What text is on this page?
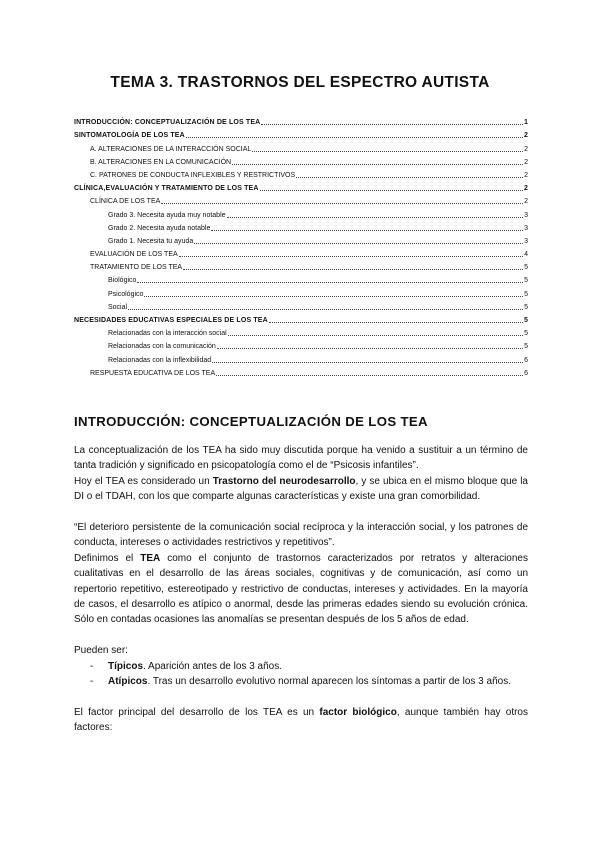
TEMA 3. TRASTORNOS DEL ESPECTRO AUTISTA
INTRODUCCIÓN: CONCEPTUALIZACIÓN DE LOS TEA	1
SINTOMATOLOGÍA DE LOS TEA	2
A. ALTERACIONES DE LA INTERACCIÓN SOCIAL	2
B. ALTERACIONES EN LA COMUNICACIÓN	2
C. PATRONES DE CONDUCTA INFLEXIBLES Y RESTRICTIVOS	2
CLÍNICA,EVALUACIÓN Y TRATAMIENTO DE LOS TEA	2
CLÍNICA DE LOS TEA	2
Grado 3. Necesita ayuda muy notable	3
Grado 2. Necesita ayuda notable	3
Grado 1. Necesita tu ayuda	3
EVALUACIÓN DE LOS TEA	4
TRATAMIENTO DE LOS TEA	5
Biológico	5
Psicológico	5
Social	5
NECESIDADES EDUCATIVAS ESPECIALES DE LOS TEA	5
Relacionadas con la interacción social	5
Relacionadas con la comunicación	5
Relacionadas con la inflexibilidad	6
RESPUESTA EDUCATIVA DE LOS TEA	6
INTRODUCCIÓN: CONCEPTUALIZACIÓN DE LOS TEA

La conceptualización de los TEA ha sido muy discutida porque ha venido a sustituir a un término de tanta tradición y significado en psicopatología como el de “Psicosis infantiles”.

Hoy el TEA es considerado un Trastorno del neurodesarrollo, y se ubica en el mismo bloque que la DI o el TDAH, con los que comparte algunas características y existe una gran comorbilidad.

“El deterioro persistente de la comunicación social recíproca y la interacción social, y los patrones de conducta, intereses o actividades restrictivos y repetitivos”.

Definimos el TEA como el conjunto de trastornos caracterizados por retratos y alteraciones cualitativas en el desarrollo de las áreas sociales, cognitivas y de comunicación, así como un repertorio repetitivo, estereotipado y restrictivo de conductas, intereses y actividades. En la mayoría de casos, el desarrollo es atípico o anormal, desde las primeras edades siendo su evolución crónica. Sólo en contadas ocasiones las anomalías se presentan después de los 5 años de edad.

Pueden ser:

- Típicos. Aparición antes de los 3 años.
- Atípicos. Tras un desarrollo evolutivo normal aparecen los síntomas a partir de los 3 años.

El factor principal del desarrollo de los TEA es un factor biológico, aunque también hay otros factores:
